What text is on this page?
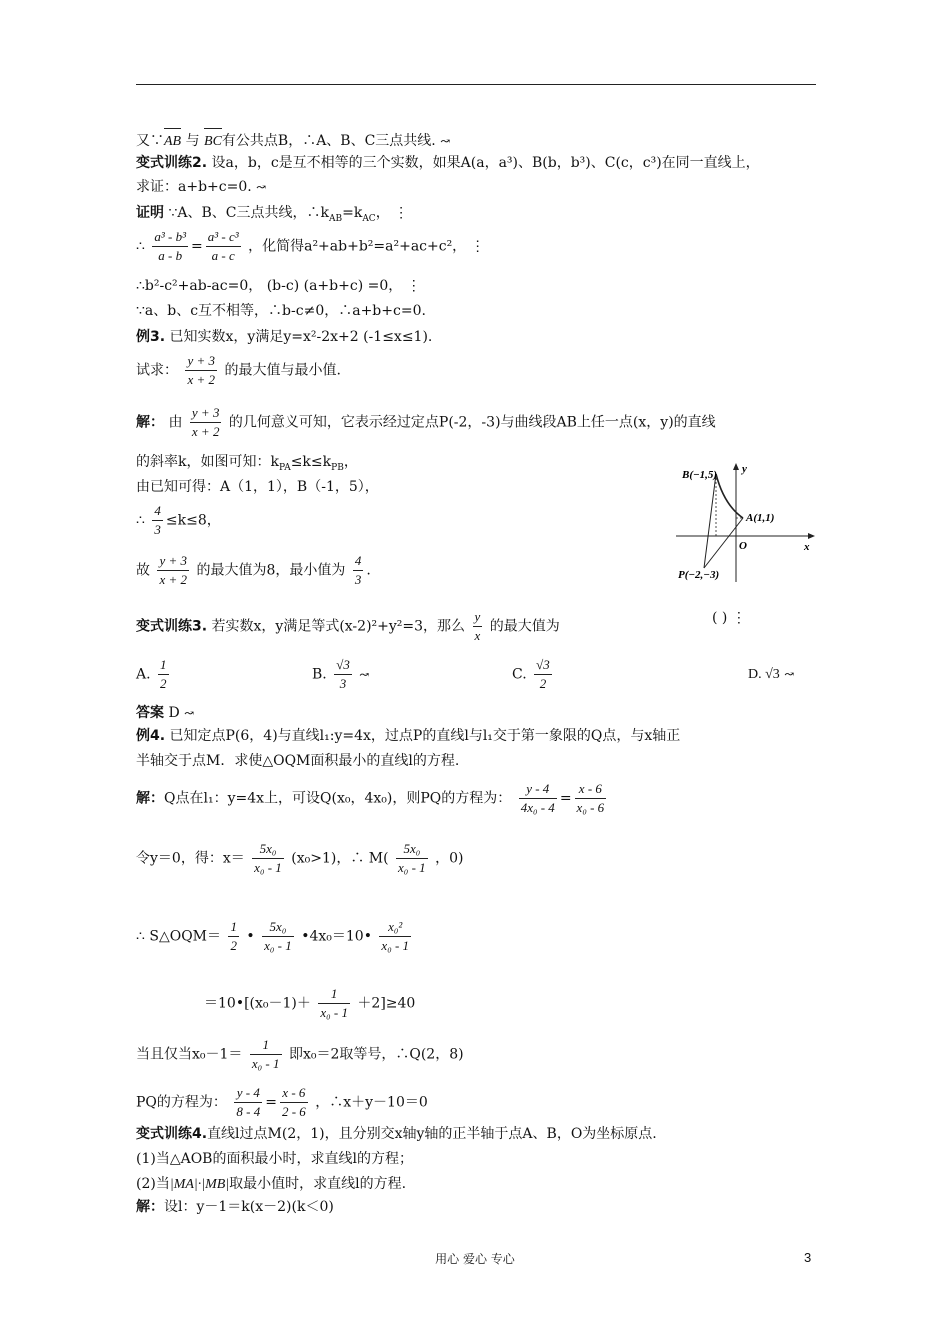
又∵AB 与 BC有公共点B，∴A、B、C三点共线. ↝
变式训练2. 设a，b，c是互不相等的三个实数，如果A(a，a³)、B(b，b³)、C(c，c³)在同一直线上，
求证：a+b+c=0. ↝
证明 ∵A、B、C三点共线，$\therefore k_{AB}=k_{AC}$， ⋮
∴ $\frac{\text{a³ - b³}}{a - b} = \frac{\text{a³ - c³}}{a - c}$ ，化简得a²+ab+b²=a²+ac+c²， ⋮
∴b²-c²+ab-ac=0， (b-c) (a+b+c) =0， ⋮
∵a、b、c互不相等，∴b-c≠0，∴a+b+c=0.
例3. 已知实数x，y满足y=x²-2x+2 (-1≤x≤1).
试求： $\frac{y + 3}{x + 2}$ 的最大值与最小值.
解： 由 $\frac{y + 3}{x + 2}$ 的几何意义可知，它表示经过定点P(-2，-3)与曲线段AB上任一点(x，y)的直线
的斜率k，如图可知：$k_{PA}\le k\le k_{PB}$，
由已知可得：A（1，1），B（-1，5），
∴ $\frac{4}{3} \le k\le 8$，
故 $\frac{y + 3}{x + 2}$ 的最大值为8，最小值为 $\frac{4}{3}$ .
B(−1,5)
A(1,1)
P(−2,−3)
O	x
y
变式训练3. 若实数x，y满足等式(x-2)²+y²=3，那么 $\frac{y}{x}$ 的最大值为
( ) ⋮
A. $\frac{1}{2}$	B. $\frac{√3}{3}$ ↝	C. $\frac{√3}{2}$	D. √3 ↝
答案 D ↝
例4. 已知定点P(6，4)与直线l₁:y=4x，过点P的直线l与l₁交于第一象限的Q点，与x轴正
半轴交于点M．求使△OQM面积最小的直线l的方程.
解：Q点在l₁：y=4x上，可设Q(x₀，4x₀)，则PQ的方程为： $\frac{y - 4}{\text{4x₀ - 4}} = \frac{x - 6}{\text{x₀ - 6}}$
令y＝0，得：$x= \frac{\text{5x₀}}{\text{x₀ - 1}} (x_0>1)$，∴ $M( \frac{\text{5x₀}}{\text{x₀ - 1}}$ ，0)
∴ S△OQM＝ $\frac{1}{2}$ • $\frac{\text{5x₀}}{\text{x₀ - 1}}$ •4x₀＝10• $\frac{\text{x₀²}}{\text{x₀ - 1}}$
＝10•[(x₀－1)＋ $\frac{1}{\text{x₀ - 1}} +2]\ge 40$
当且仅当$x_0-1= \frac{1}{\text{x₀ - 1}}$ 即x₀＝2取等号，∴Q(2，8)
PQ的方程为： $\frac{y - 4}{8 - 4} = \frac{x - 6}{2 - 6}$ ，∴x＋y－10＝0
变式训练4.直线l过点M(2，1)，且分别交x轴y轴的正半轴于点A、B，O为坐标原点.
(1)当△AOB的面积最小时，求直线l的方程；
(2)当|MA|·|MB|取最小值时，求直线l的方程.
解：设l：y－1＝k(x－2)(k＜0)
用心 爱心 专心	3
